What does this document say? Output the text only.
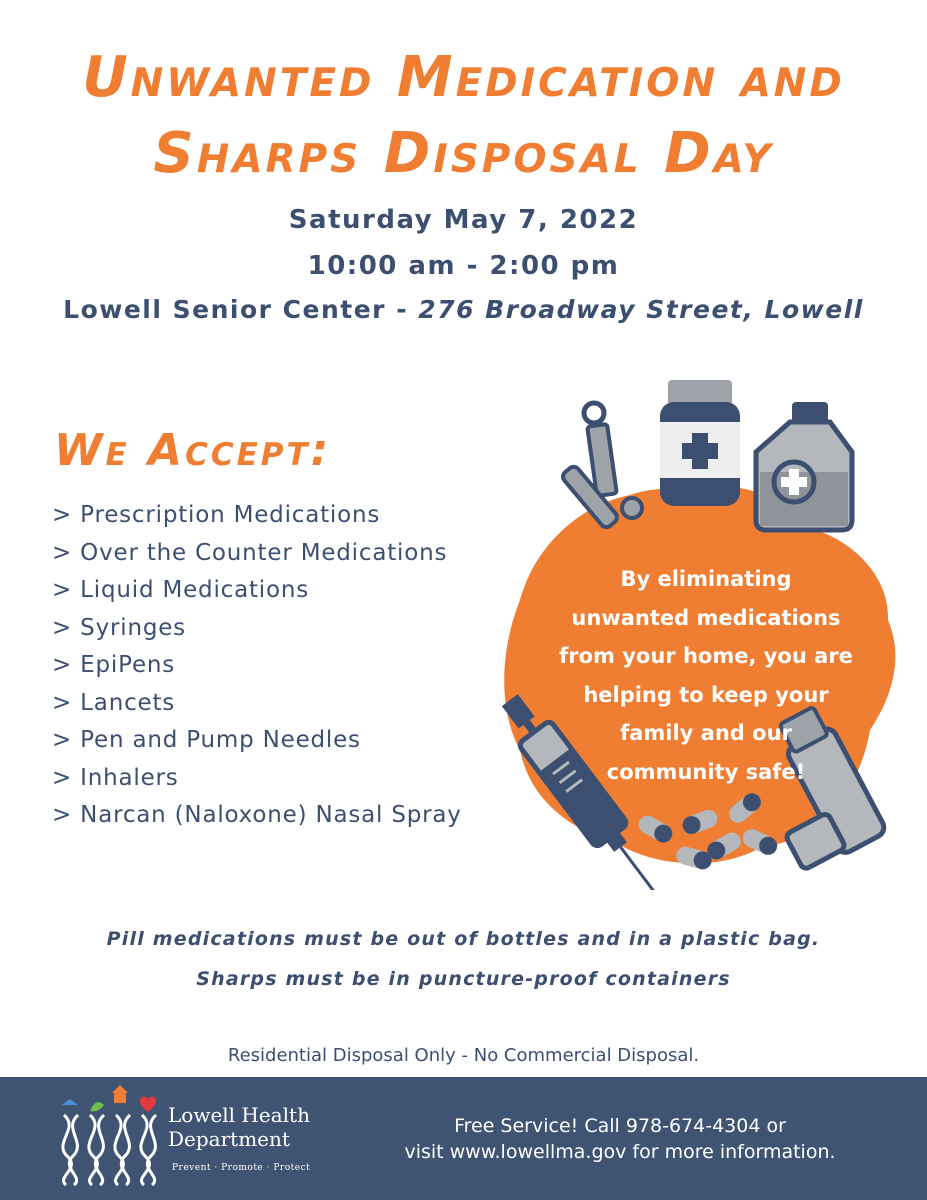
Unwanted Medication and
Sharps Disposal Day

Saturday May 7, 2022

10:00 am - 2:00 pm

Lowell Senior Center - 276 Broadway Street, Lowell

We Accept:
> Prescription Medications
> Over the Counter Medications
> Liquid Medications
> Syringes
> EpiPens
> Lancets
> Pen and Pump Needles
> Inhalers
> Narcan (Naloxone) Nasal Spray

By eliminating unwanted medications from your home, you are helping to keep your family and our community safe!

Pill medications must be out of bottles and in a plastic bag.

Sharps must be in puncture-proof containers

Residential Disposal Only - No Commercial Disposal.

Lowell Health
Department

Prevent · Promote · Protect

Free Service! Call 978-674-4304 or
visit www.lowellma.gov for more information.
